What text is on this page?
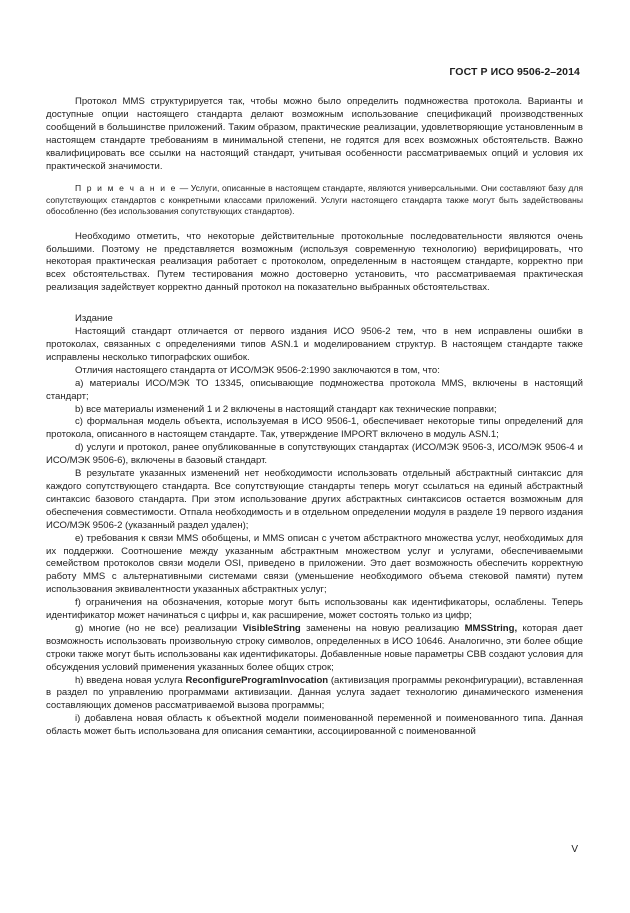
ГОСТ Р ИСО 9506-2–2014

Протокол MMS структурируется так, чтобы можно было определить подмножества протокола. Варианты и доступные опции настоящего стандарта делают возможным использование спецификаций производственных сообщений в большинстве приложений. Таким образом, практические реализации, удовлетворяющие установленным в настоящем стандарте требованиям в минимальной степени, не годятся для всех возможных обстоятельств. Важно квалифицировать все ссылки на настоящий стандарт, учитывая особенности рассматриваемых опций и условия их практической значимости.

П р и м е ч а н и е — Услуги, описанные в настоящем стандарте, являются универсальными. Они составляют базу для сопутствующих стандартов с конкретными классами приложений. Услуги настоящего стандарта также могут быть задействованы обособленно (без использования сопутствующих стандартов).

Необходимо отметить, что некоторые действительные протокольные последовательности являются очень большими. Поэтому не представляется возможным (используя современную технологию) верифицировать, что некоторая практическая реализация работает с протоколом, определенным в настоящем стандарте, корректно при всех обстоятельствах. Путем тестирования можно достоверно установить, что рассматриваемая практическая реализация задействует корректно данный протокол на показательно выбранных обстоятельствах.

Издание

Настоящий стандарт отличается от первого издания ИСО 9506-2 тем, что в нем исправлены ошибки в протоколах, связанных с определениями типов ASN.1 и моделированием структур. В настоящем стандарте также исправлены несколько типографских ошибок.

Отличия настоящего стандарта от ИСО/МЭК 9506-2:1990 заключаются в том, что:

a) материалы ИСО/МЭК ТО 13345, описывающие подмножества протокола MMS, включены в настоящий стандарт;

b) все материалы изменений 1 и 2 включены в настоящий стандарт как технические поправки;

c) формальная модель объекта, используемая в ИСО 9506-1, обеспечивает некоторые типы определений для протокола, описанного в настоящем стандарте. Так, утверждение IMPORT включено в модуль ASN.1;

d) услуги и протокол, ранее опубликованные в сопутствующих стандартах (ИСО/МЭК 9506-3, ИСО/МЭК 9506-4 и ИСО/МЭК 9506-6), включены в базовый стандарт.

В результате указанных изменений нет необходимости использовать отдельный абстрактный синтаксис для каждого сопутствующего стандарта. Все сопутствующие стандарты теперь могут ссылаться на единый абстрактный синтаксис базового стандарта. При этом использование других абстрактных синтаксисов остается возможным для обеспечения совместимости. Отпала необходимость и в отдельном определении модуля в разделе 19 первого издания ИСО/МЭК 9506-2 (указанный раздел удален);

e) требования к связи MMS обобщены, и MMS описан с учетом абстрактного множества услуг, необходимых для их поддержки. Соотношение между указанным абстрактным множеством услуг и услугами, обеспечиваемыми семейством протоколов связи модели OSI, приведено в приложении. Это дает возможность обеспечить корректную работу MMS с альтернативными системами связи (уменьшение необходимого объема стековой памяти) путем использования эквивалентности указанных абстрактных услуг;

f) ограничения на обозначения, которые могут быть использованы как идентификаторы, ослаблены. Теперь идентификатор может начинаться с цифры и, как расширение, может состоять только из цифр;

g) многие (но не все) реализации VisibleString заменены на новую реализацию MMSString, которая дает возможность использовать произвольную строку символов, определенных в ИСО 10646. Аналогично, эти более общие строки также могут быть использованы как идентификаторы. Добавленные новые параметры CBB создают условия для обсуждения условий применения указанных более общих строк;

h) введена новая услуга ReconfigureProgramInvocation (активизация программы реконфигурации), вставленная в раздел по управлению программами активизации. Данная услуга задает технологию динамического изменения составляющих доменов рассматриваемой вызова программы;

i) добавлена новая область к объектной модели поименованной переменной и поименованного типа. Данная область может быть использована для описания семантики, ассоциированной с поименованной

V
